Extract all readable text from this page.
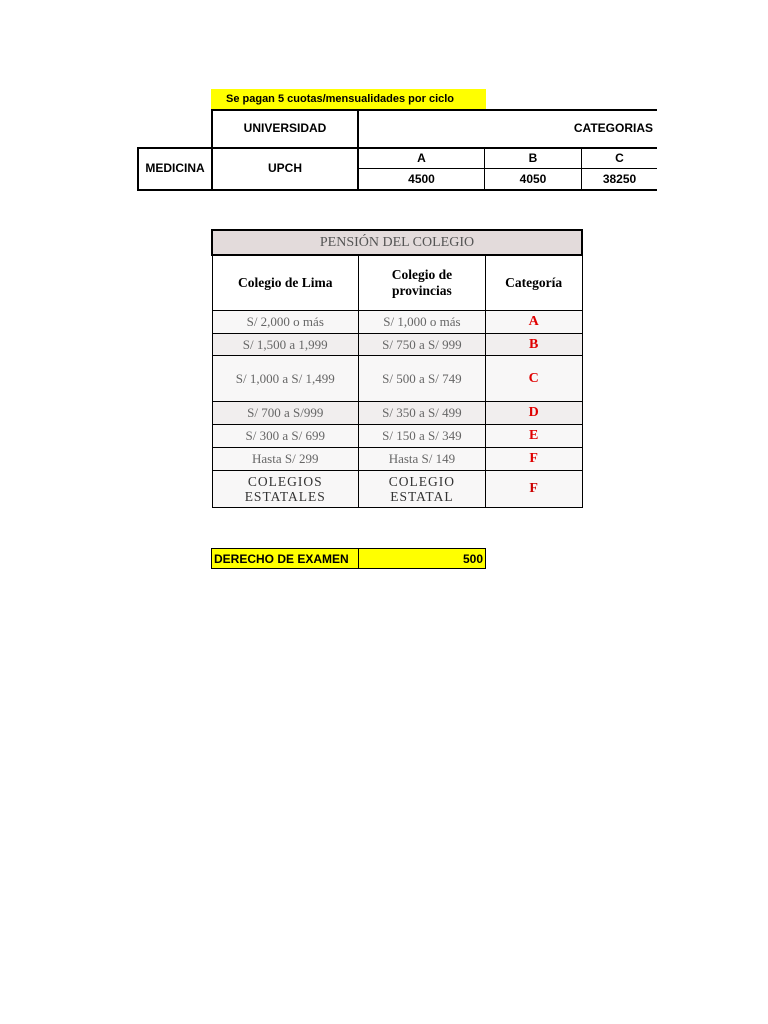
Se pagan 5 cuotas/mensualidades por ciclo
UNIVERSIDAD	CATEGORIAS
MEDICINA	UPCH
A	B	C
4500	4050	38250
PENSIÓN DEL COLEGIO		
Colegio de Lima	Colegio de provincias	Categoría
S/ 2,000 o más	S/ 1,000 o más	A
S/ 1,500 a 1,999	S/ 750 a S/ 999	B
S/ 1,000 a S/ 1,499	S/ 500 a S/ 749	C
S/ 700 a S/999	S/ 350 a S/ 499	D
S/ 300 a S/ 699	S/ 150 a S/ 349	E
Hasta S/ 299	Hasta S/ 149	F
COLEGIOS ESTATALES	COLEGIO ESTATAL	F
DERECHO DE EXAMEN	500
